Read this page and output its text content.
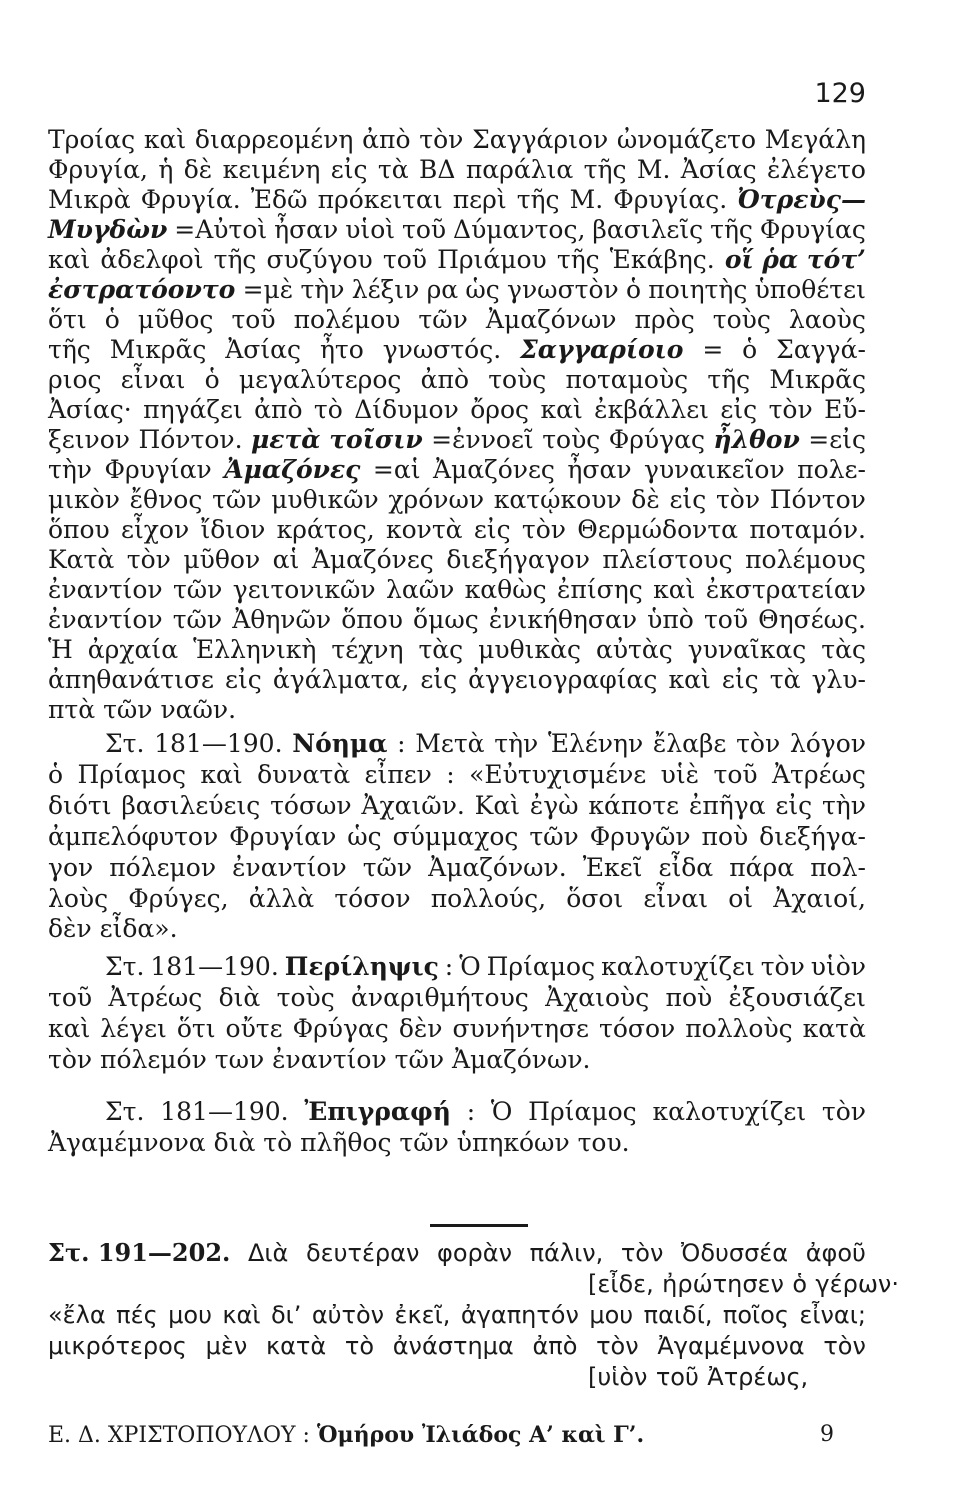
129
Τροίας καὶ διαρρεομένη ἀπὸ τὸν Σαγγάριον ὠνομάζετο Μεγάλη
Φρυγία, ἡ δὲ κειμένη εἰς τὰ ΒΔ παράλια τῆς Μ. Ἀσίας ἐλέγετο
Μικρὰ Φρυγία. Ἐδῶ πρόκειται περὶ τῆς Μ. Φρυγίας. Ὀτρεὺς—
Μυγδὼν =Αὐτοὶ ἦσαν υἱοὶ τοῦ Δύμαντος, βασιλεῖς τῆς Φρυγίας
καὶ ἀδελφοὶ τῆς συζύγου τοῦ Πριάμου τῆς Ἑκάβης. οἵ ῥα τότ’
ἐστρατόοντο =μὲ τὴν λέξιν ρα ὡς γνωστὸν ὁ ποιητὴς ὑποθέτει
ὅτι ὁ μῦθος τοῦ πολέμου τῶν Ἀμαζόνων πρὸς τοὺς λαοὺς
τῆς Μικρᾶς Ἀσίας ἦτο γνωστός. Σαγγαρίοιο = ὁ Σαγγά-
ριος εἶναι ὁ μεγαλύτερος ἀπὸ τοὺς ποταμοὺς τῆς Μικρᾶς
Ἀσίας· πηγάζει ἀπὸ τὸ Δίδυμον ὄρος καὶ ἐκβάλλει εἰς τὸν Εὔ-
ξεινον Πόντον. μετὰ τοῖσιν =ἐννοεῖ τοὺς Φρύγας ἦλθον =εἰς
τὴν Φρυγίαν Ἀμαζόνες =αἱ Ἀμαζόνες ἦσαν γυναικεῖον πολε-
μικὸν ἔθνος τῶν μυθικῶν χρόνων κατῴκουν δὲ εἰς τὸν Πόντον
ὅπου εἶχον ἴδιον κράτος, κοντὰ εἰς τὸν Θερμώδοντα ποταμόν.
Κατὰ τὸν μῦθον αἱ Ἀμαζόνες διεξήγαγον πλείστους πολέμους
ἐναντίον τῶν γειτονικῶν λαῶν καθὼς ἐπίσης καὶ ἐκστρατείαν
ἐναντίον τῶν Ἀθηνῶν ὅπου ὅμως ἐνικήθησαν ὑπὸ τοῦ Θησέως.
Ἡ ἀρχαία Ἑλληνικὴ τέχνη τὰς μυθικὰς αὐτὰς γυναῖκας τὰς
ἀπηθανάτισε εἰς ἀγάλματα, εἰς ἀγγειογραφίας καὶ εἰς τὰ γλυ-
πτὰ τῶν ναῶν.
Στ. 181—190. Νόημα : Μετὰ τὴν Ἑλένην ἔλαβε τὸν λόγον
ὁ Πρίαμος καὶ δυνατὰ εἶπεν : «Εὐτυχισμένε υἱὲ τοῦ Ἀτρέως
διότι βασιλεύεις τόσων Ἀχαιῶν. Καὶ ἐγὼ κάποτε ἐπῆγα εἰς τὴν
ἀμπελόφυτον Φρυγίαν ὡς σύμμαχος τῶν Φρυγῶν ποὺ διεξήγα-
γον πόλεμον ἐναντίον τῶν Ἀμαζόνων. Ἐκεῖ εἶδα πάρα πολ-
λοὺς Φρύγες, ἀλλὰ τόσον πολλούς, ὅσοι εἶναι οἱ Ἀχαιοί,
δὲν εἶδα».
Στ. 181—190. Περίληψις : Ὁ Πρίαμος καλοτυχίζει τὸν υἱὸν
τοῦ Ἀτρέως διὰ τοὺς ἀναριθμήτους Ἀχαιοὺς ποὺ ἐξουσιάζει
καὶ λέγει ὅτι οὔτε Φρύγας δὲν συνήντησε τόσον πολλοὺς κατὰ
τὸν πόλεμόν των ἐναντίον τῶν Ἀμαζόνων.
Στ. 181—190. Ἐπιγραφή : Ὁ Πρίαμος καλοτυχίζει τὸν
Ἀγαμέμνονα διὰ τὸ πλῆθος τῶν ὑπηκόων του.
Στ. 191—202. Διὰ δευτέραν φορὰν πάλιν, τὸν Ὀδυσσέα ἀφοῦ
[εἶδε, ἠρώτησεν ὁ γέρων·
«ἔλα πές μου καὶ δι’ αὐτὸν ἐκεῖ, ἀγαπητόν μου παιδί, ποῖος εἶναι;
μικρότερος μὲν κατὰ τὸ ἀνάστημα ἀπὸ τὸν Ἀγαμέμνονα τὸν
[υἱὸν τοῦ Ἀτρέως,
Ε. Δ. ΧΡΙΣΤΟΠΟΥΛΟΥ : Ὁμήρου Ἰλιάδος Α’ καὶ Γ’.	9
